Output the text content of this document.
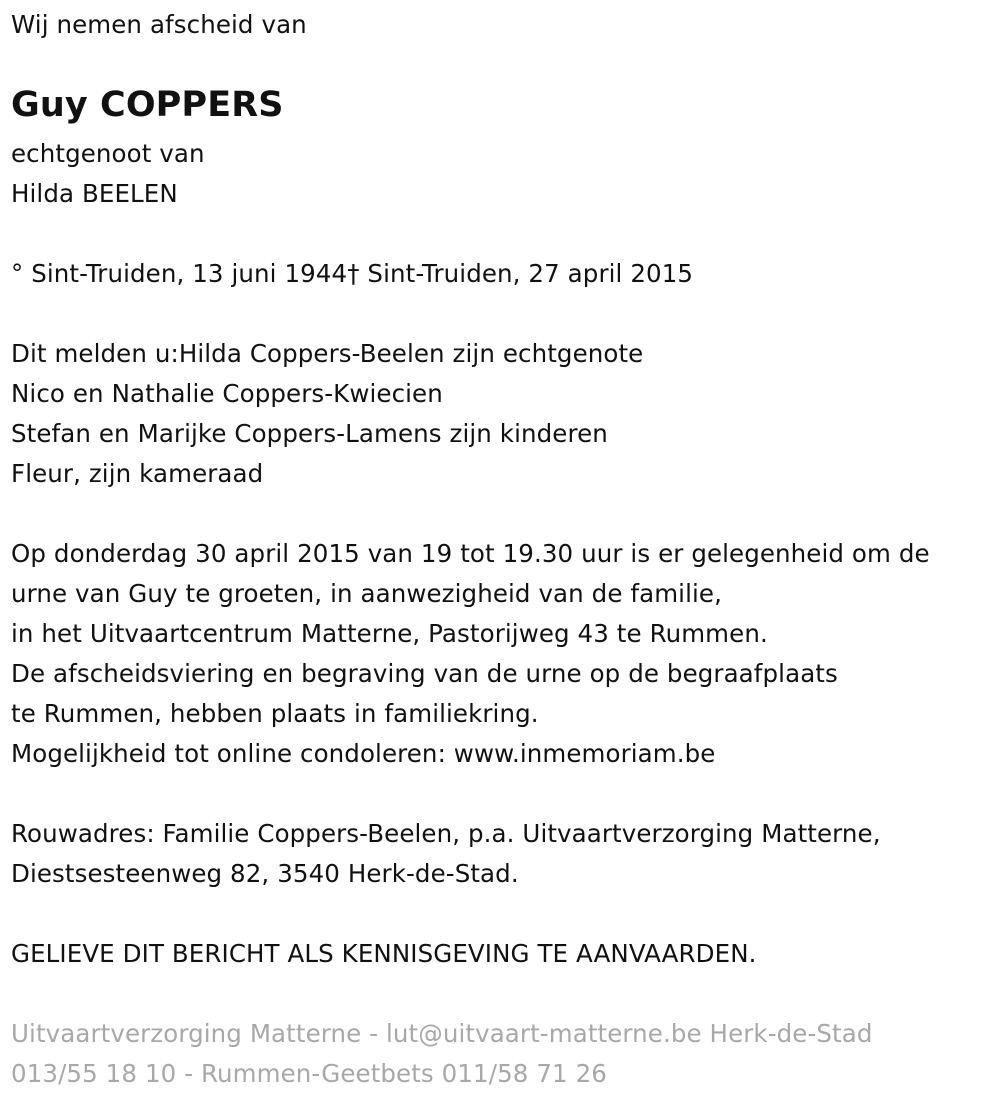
Wij nemen afscheid van
Guy COPPERS
echtgenoot van
Hilda BEELEN
° Sint-Truiden, 13 juni 1944† Sint-Truiden, 27 april 2015
Dit melden u:Hilda Coppers-Beelen zijn echtgenote
Nico en Nathalie Coppers-Kwiecien
Stefan en Marijke Coppers-Lamens zijn kinderen
Fleur, zijn kameraad
Op donderdag 30 april 2015 van 19 tot 19.30 uur is er gelegenheid om de
urne van Guy te groeten, in aanwezigheid van de familie,
in het Uitvaartcentrum Matterne, Pastorijweg 43 te Rummen.
De afscheidsviering en begraving van de urne op de begraafplaats
te Rummen, hebben plaats in familiekring.
Mogelijkheid tot online condoleren: www.inmemoriam.be
Rouwadres: Familie Coppers-Beelen, p.a. Uitvaartverzorging Matterne,
Diestsesteenweg 82, 3540 Herk-de-Stad.
GELIEVE DIT BERICHT ALS KENNISGEVING TE AANVAARDEN.
Uitvaartverzorging Matterne - lut@uitvaart-matterne.be Herk-de-Stad
013/55 18 10 - Rummen-Geetbets 011/58 71 26
